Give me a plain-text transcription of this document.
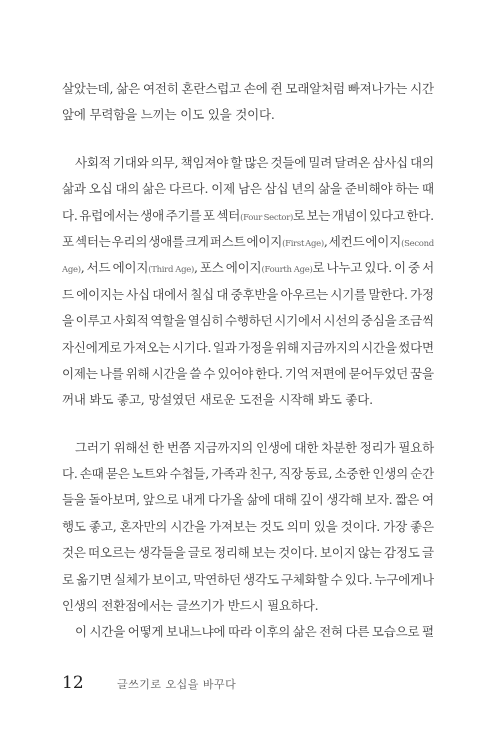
살았는데, 삶은 여전히 혼란스럽고 손에 쥔 모래알처럼 빠져나가는 시간
앞에 무력함을 느끼는 이도 있을 것이다.
사회적 기대와 의무, 책임져야 할 많은 것들에 밀려 달려온 삼사십 대의
삶과 오십 대의 삶은 다르다. 이제 남은 삼십 년의 삶을 준비해야 하는 때
다. 유럽에서는 생애 주기를 포 섹터(Four Sector)로 보는 개념이 있다고 한다.
포 섹터는 우리의 생애를 크게 퍼스트 에이지(First Age), 세컨드 에이지(Second
Age), 서드 에이지(Third Age), 포스 에이지(Fourth Age)로 나누고 있다. 이 중 서
드 에이지는 사십 대에서 칠십 대 중후반을 아우르는 시기를 말한다. 가정
을 이루고 사회적 역할을 열심히 수행하던 시기에서 시선의 중심을 조금씩
자신에게로 가져오는 시기다. 일과 가정을 위해 지금까지의 시간을 썼다면
이제는 나를 위해 시간을 쓸 수 있어야 한다. 기억 저편에 묻어두었던 꿈을
꺼내 봐도 좋고, 망설였던 새로운 도전을 시작해 봐도 좋다.
그러기 위해선 한 번쯤 지금까지의 인생에 대한 차분한 정리가 필요하
다. 손때 묻은 노트와 수첩들, 가족과 친구, 직장 동료, 소중한 인생의 순간
들을 돌아보며, 앞으로 내게 다가올 삶에 대해 깊이 생각해 보자. 짧은 여
행도 좋고, 혼자만의 시간을 가져보는 것도 의미 있을 것이다. 가장 좋은
것은 떠오르는 생각들을 글로 정리해 보는 것이다. 보이지 않는 감정도 글
로 옮기면 실체가 보이고, 막연하던 생각도 구체화할 수 있다. 누구에게나
인생의 전환점에서는 글쓰기가 반드시 필요하다.
이 시간을 어떻게 보내느냐에 따라 이후의 삶은 전혀 다른 모습으로 펼
12	글쓰기로 오십을 바꾸다
